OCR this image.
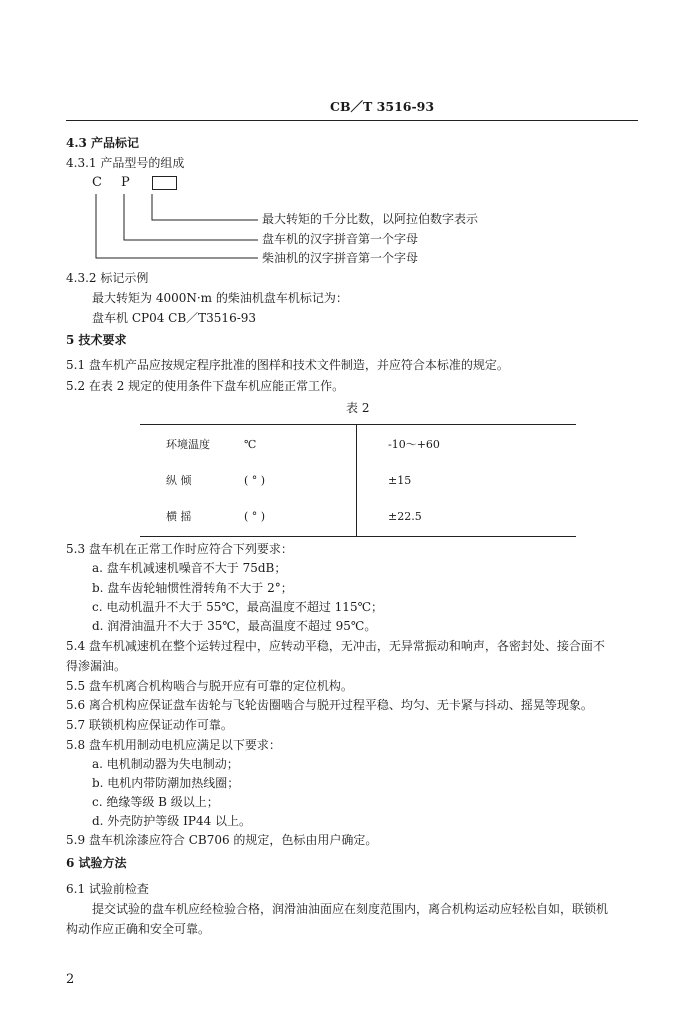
CB／T 3516-93
4.3 产品标记
4.3.1 产品型号的组成
C P
最大转矩的千分比数，以阿拉伯数字表示
盘车机的汉字拼音第一个字母
柴油机的汉字拼音第一个字母
4.3.2 标记示例
最大转矩为 4000N·m 的柴油机盘车机标记为：
盘车机 CP04 CB／T3516-93
5 技术要求
5.1 盘车机产品应按规定程序批准的图样和技术文件制造，并应符合本标准的规定。
5.2 在表 2 规定的使用条件下盘车机应能正常工作。
表 2
环境温度	℃	-10～+60
纵 倾	( ° )	±15
横 摇	( ° )	±22.5
5.3 盘车机在正常工作时应符合下列要求：
a. 盘车机减速机噪音不大于 75dB；
b. 盘车齿轮轴惯性滑转角不大于 2°；
c. 电动机温升不大于 55℃，最高温度不超过 115℃；
d. 润滑油温升不大于 35℃，最高温度不超过 95℃。
5.4 盘车机减速机在整个运转过程中，应转动平稳，无冲击，无异常振动和响声，各密封处、接合面不
得渗漏油。
5.5 盘车机离合机构啮合与脱开应有可靠的定位机构。
5.6 离合机构应保证盘车齿轮与飞轮齿圈啮合与脱开过程平稳、均匀、无卡紧与抖动、摇晃等现象。
5.7 联锁机构应保证动作可靠。
5.8 盘车机用制动电机应满足以下要求：
a. 电机制动器为失电制动；
b. 电机内带防潮加热线圈；
c. 绝缘等级 B 级以上；
d. 外壳防护等级 IP44 以上。
5.9 盘车机涂漆应符合 CB706 的规定，色标由用户确定。
6 试验方法
6.1 试验前检查
提交试验的盘车机应经检验合格，润滑油油面应在刻度范围内，离合机构运动应轻松自如，联锁机
构动作应正确和安全可靠。
2
